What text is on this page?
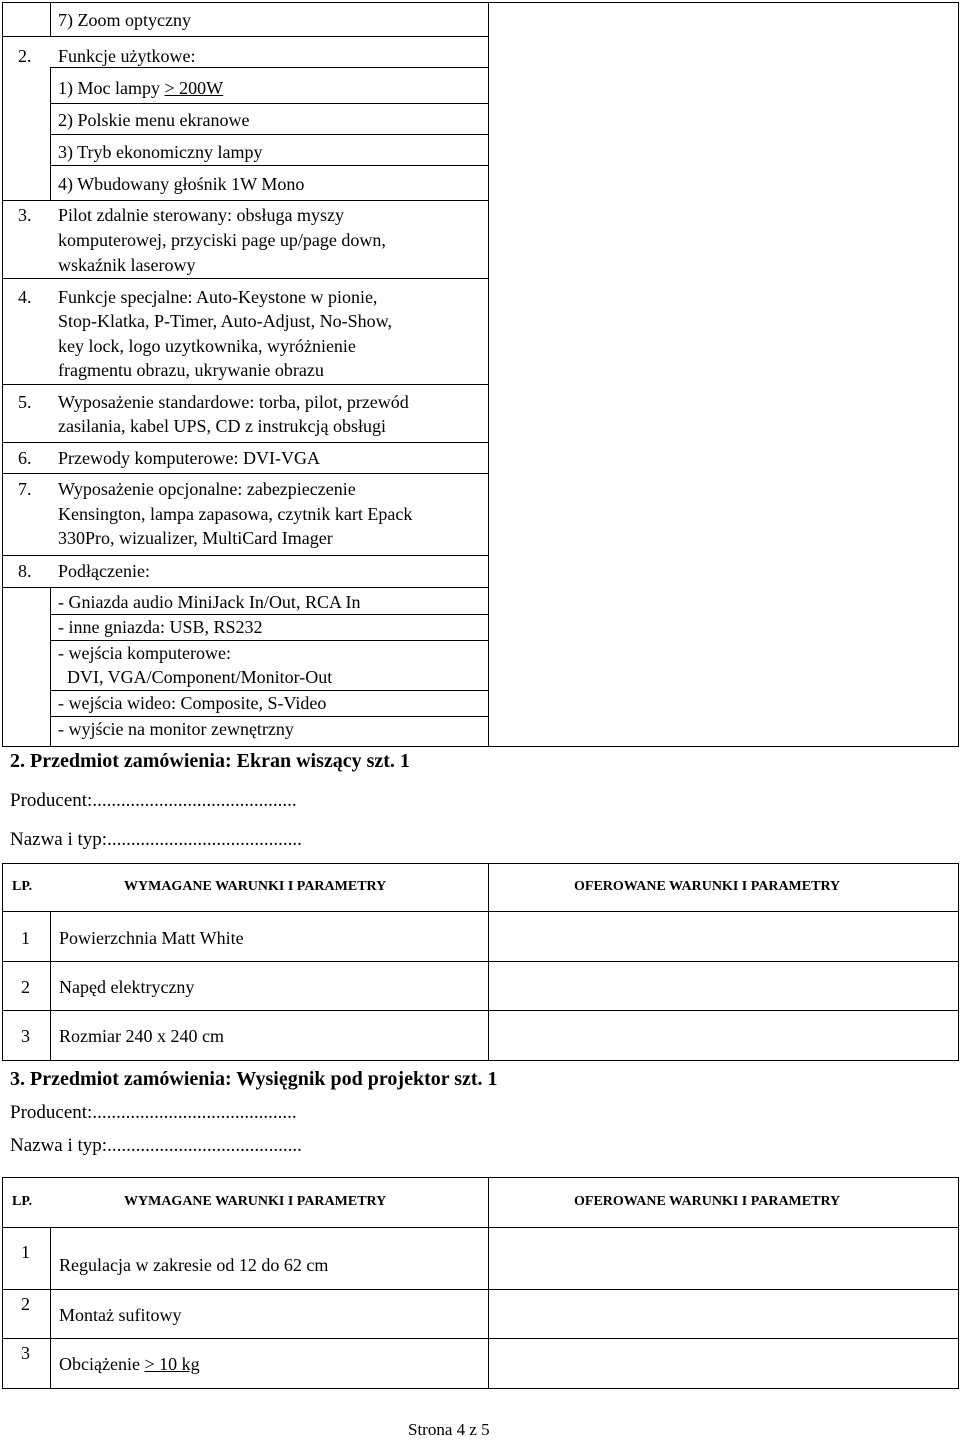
7) Zoom optyczny
2. Funkcje użytkowe:
1) Moc lampy > 200W
2) Polskie menu ekranowe
3) Tryb ekonomiczny lampy
4) Wbudowany głośnik 1W Mono
3. Pilot zdalnie sterowany: obsługa myszy
komputerowej, przyciski page up/page down,
wskaźnik laserowy
4. Funkcje specjalne: Auto-Keystone w pionie,
Stop-Klatka, P-Timer, Auto-Adjust, No-Show,
key lock, logo uzytkownika, wyróżnienie
fragmentu obrazu, ukrywanie obrazu
5. Wyposażenie standardowe: torba, pilot, przewód
zasilania, kabel UPS, CD z instrukcją obsługi
6. Przewody komputerowe: DVI-VGA
7. Wyposażenie opcjonalne: zabezpieczenie
Kensington, lampa zapasowa, czytnik kart Epack
330Pro, wizualizer, MultiCard Imager
8. Podłączenie:
- Gniazda audio MiniJack In/Out, RCA In
- inne gniazda: USB, RS232
- wejścia komputerowe:
DVI, VGA/Component/Monitor-Out
- wejścia wideo: Composite, S-Video
- wyjście na monitor zewnętrzny
2. Przedmiot zamówienia: Ekran wiszący szt. 1
Producent:...........................................
Nazwa i typ:.........................................
LP.	WYMAGANE WARUNKI I PARAMETRY	OFEROWANE WARUNKI I PARAMETRY
1 Powierzchnia Matt White
2 Napęd elektryczny
3 Rozmiar 240 x 240 cm
3. Przedmiot zamówienia: Wysięgnik pod projektor szt. 1
Producent:...........................................
Nazwa i typ:.........................................
LP.	WYMAGANE WARUNKI I PARAMETRY	OFEROWANE WARUNKI I PARAMETRY
1
Regulacja w zakresie od 12 do 62 cm
2
Montaż sufitowy
3
Obciążenie > 10 kg
Strona 4 z 5
